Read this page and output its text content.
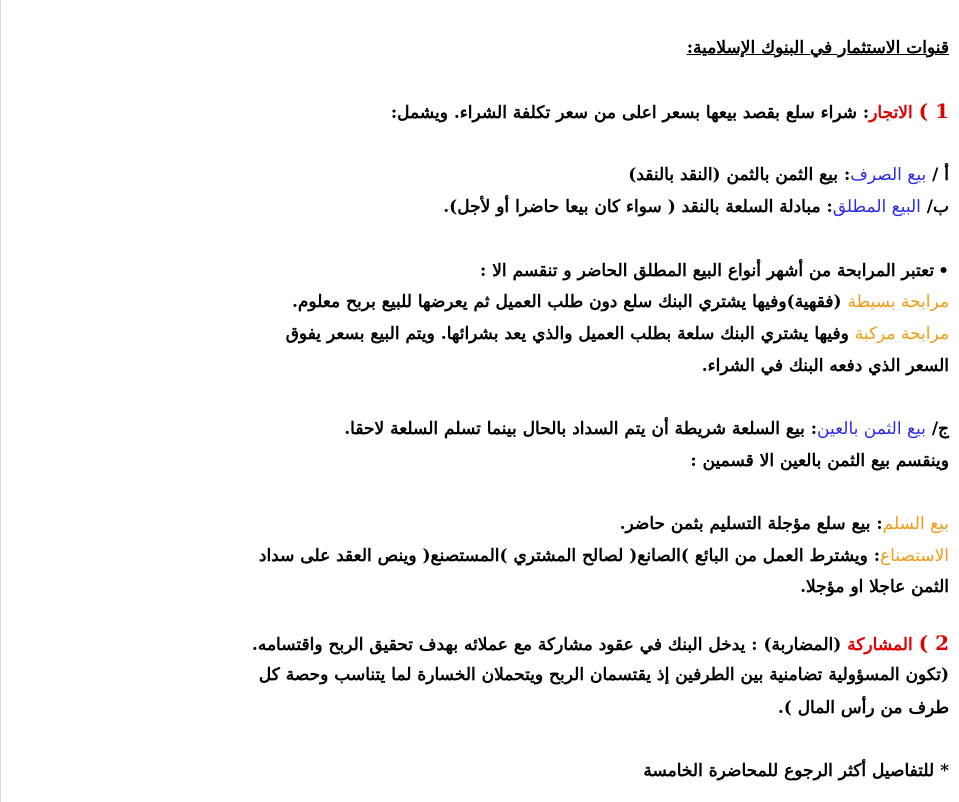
قنوات الاستثمار في البنوك الإسلامية:
1 ) الاتجار: شراء سلع بقصد بيعها بسعر اعلى من سعر تكلفة الشراء. ويشمل:
أ / بيع الصرف: بيع الثمن بالثمن (النقد بالنقد)
ب/ البيع المطلق: مبادلة السلعة بالنقد ( سواء كان بيعا حاضرا أو لأجل).
•تعتبر المرابحة من أشهر أنواع البيع المطلق الحاضر و تنقسم الا :
مرابحة بسيطة (فقهية)وفيها يشتري البنك سلع دون طلب العميل ثم يعرضها للبيع بربح معلوم.
مرابحة مركبة وفيها يشتري البنك سلعة بطلب العميل والذي يعد بشرائها. ويتم البيع بسعر يفوق
السعر الذي دفعه البنك في الشراء.
ج/ بيع الثمن بالعين: بيع السلعة شريطة أن يتم السداد بالحال بينما تسلم السلعة لاحقا.
وينقسم بيع الثمن بالعين الا قسمين :
بيع السلم: بيع سلع مؤجلة التسليم بثمن حاضر.
الاستصناع: ويشترط العمل من البائع )الصانع( لصالح المشتري )المستصنع( وينص العقد على سداد
الثمن عاجلا او مؤجلا.
2 ) المشاركة (المضاربة) : يدخل البنك في عقود مشاركة مع عملائه بهدف تحقيق الربح واقتسامه.
(تكون المسؤولية تضامنية بين الطرفين إذ يقتسمان الربح ويتحملان الخسارة لما يتناسب وحصة كل
طرف من رأس المال ).
* للتفاصيل أكثر الرجوع للمحاضرة الخامسة
